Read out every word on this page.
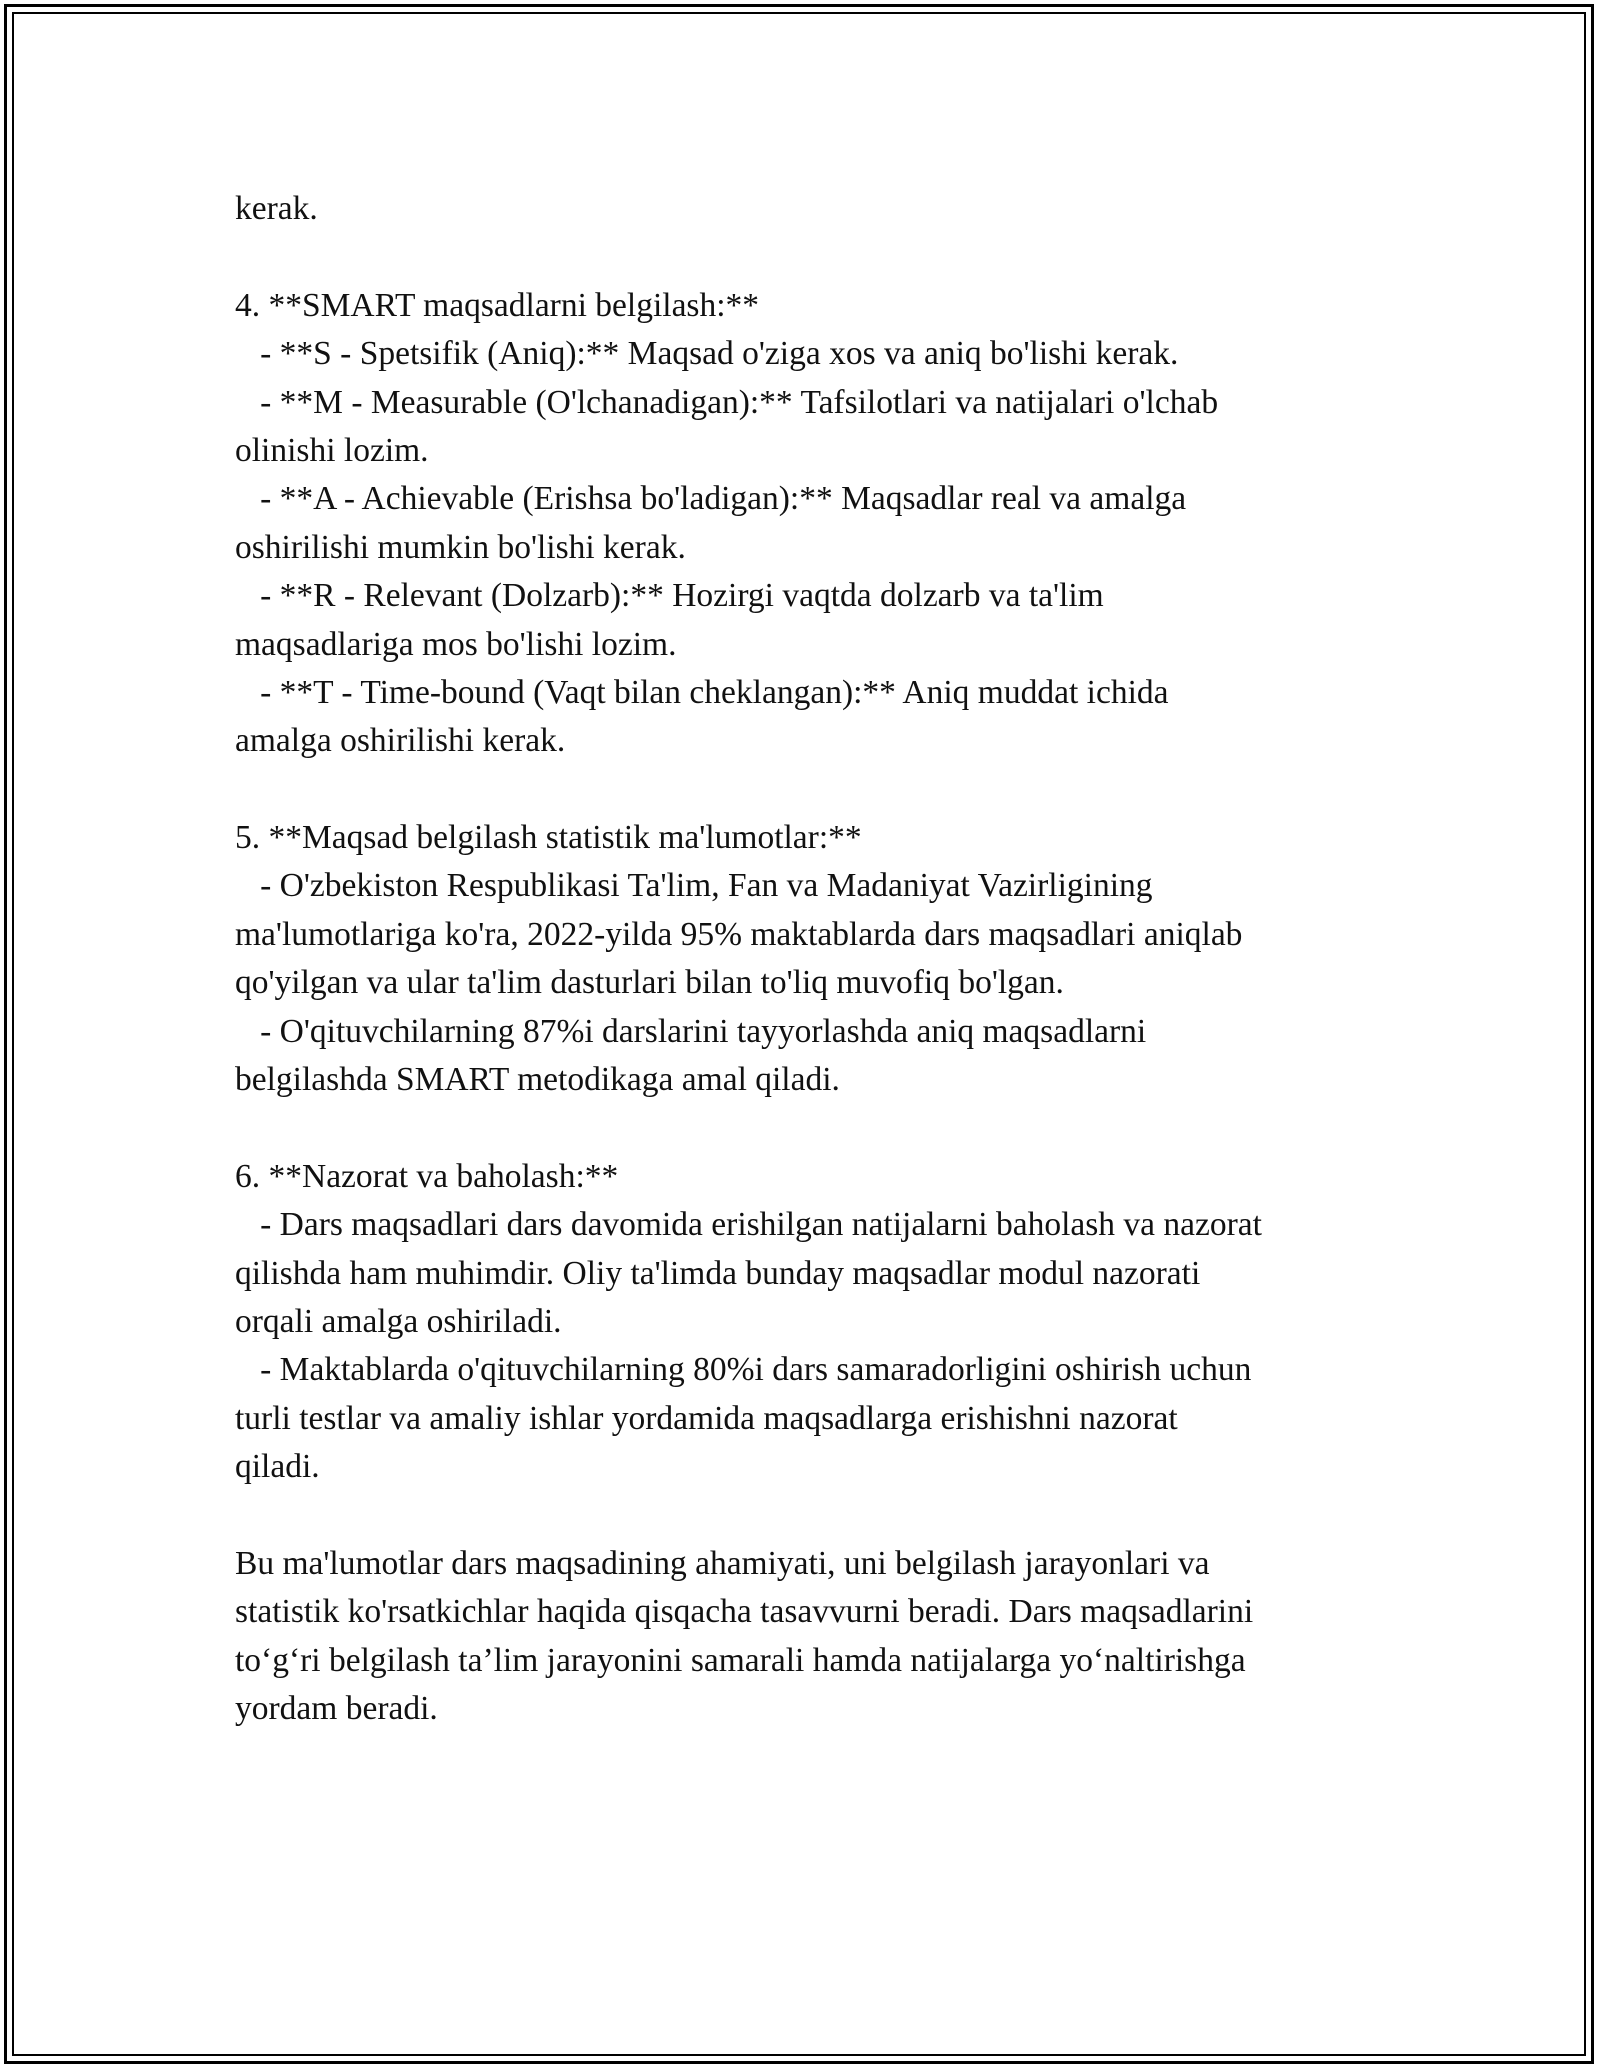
kerak.
4. **SMART maqsadlarni belgilash:**
- **S - Spetsifik (Aniq):** Maqsad o'ziga xos va aniq bo'lishi kerak.
- **M - Measurable (O'lchanadigan):** Tafsilotlari va natijalari o'lchab
olinishi lozim.
- **A - Achievable (Erishsa bo'ladigan):** Maqsadlar real va amalga
oshirilishi mumkin bo'lishi kerak.
- **R - Relevant (Dolzarb):** Hozirgi vaqtda dolzarb va ta'lim
maqsadlariga mos bo'lishi lozim.
- **T - Time-bound (Vaqt bilan cheklangan):** Aniq muddat ichida
amalga oshirilishi kerak.
5. **Maqsad belgilash statistik ma'lumotlar:**
- O'zbekiston Respublikasi Ta'lim, Fan va Madaniyat Vazirligining
ma'lumotlariga ko'ra, 2022-yilda 95% maktablarda dars maqsadlari aniqlab
qo'yilgan va ular ta'lim dasturlari bilan to'liq muvofiq bo'lgan.
- O'qituvchilarning 87%i darslarini tayyorlashda aniq maqsadlarni
belgilashda SMART metodikaga amal qiladi.
6. **Nazorat va baholash:**
- Dars maqsadlari dars davomida erishilgan natijalarni baholash va nazorat
qilishda ham muhimdir. Oliy ta'limda bunday maqsadlar modul nazorati
orqali amalga oshiriladi.
- Maktablarda o'qituvchilarning 80%i dars samaradorligini oshirish uchun
turli testlar va amaliy ishlar yordamida maqsadlarga erishishni nazorat
qiladi.
Bu ma'lumotlar dars maqsadining ahamiyati, uni belgilash jarayonlari va
statistik ko'rsatkichlar haqida qisqacha tasavvurni beradi. Dars maqsadlarini
to‘g‘ri belgilash ta’lim jarayonini samarali hamda natijalarga yo‘naltirishga
yordam beradi.
